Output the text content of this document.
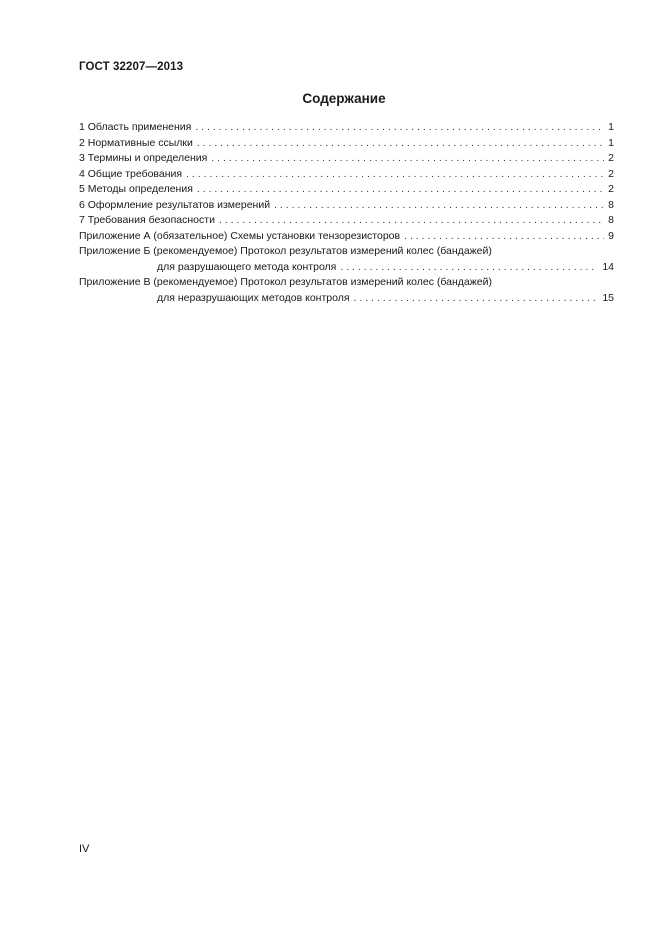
ГОСТ 32207—2013
Содержание
1 Область применения . . .	1
2 Нормативные ссылки . . .	1
3 Термины и определения . . .	2
4 Общие требования . . .	2
5 Методы определения . . .	2
6 Оформление результатов измерений . . .	8
7 Требования безопасности . . .	8
Приложение А (обязательное) Схемы установки тензорезисторов . . .	9
Приложение Б (рекомендуемое) Протокол результатов измерений колес (бандажей)
для разрушающего метода контроля . . .	14
Приложение В (рекомендуемое) Протокол результатов измерений колес (бандажей)
для неразрушающих методов контроля . . .	15
IV
